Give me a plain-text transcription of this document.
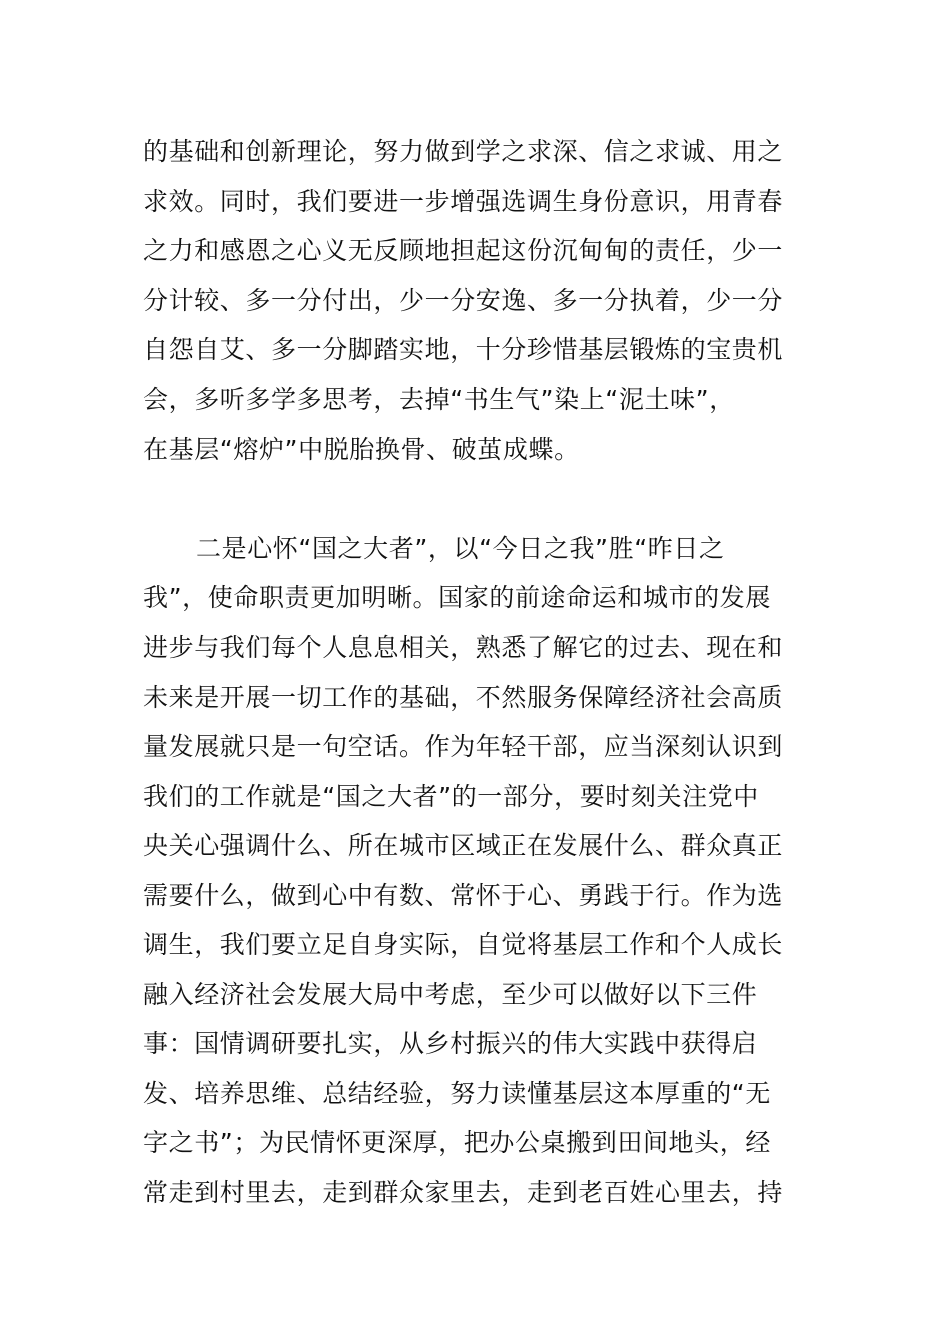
的基础和创新理论，努力做到学之求深、信之求诚、用之
求效。同时，我们要进一步增强选调生身份意识，用青春
之力和感恩之心义无反顾地担起这份沉甸甸的责任，少一
分计较、多一分付出，少一分安逸、多一分执着，少一分
自怨自艾、多一分脚踏实地，十分珍惜基层锻炼的宝贵机
会，多听多学多思考，去掉“书生气”染上“泥土味”，
在基层“熔炉”中脱胎换骨、破茧成蝶。
二是心怀“国之大者”，以“今日之我”胜“昨日之
我”，使命职责更加明晰。国家的前途命运和城市的发展
进步与我们每个人息息相关，熟悉了解它的过去、现在和
未来是开展一切工作的基础，不然服务保障经济社会高质
量发展就只是一句空话。作为年轻干部，应当深刻认识到
我们的工作就是“国之大者”的一部分，要时刻关注党中
央关心强调什么、所在城市区域正在发展什么、群众真正
需要什么，做到心中有数、常怀于心、勇践于行。作为选
调生，我们要立足自身实际，自觉将基层工作和个人成长
融入经济社会发展大局中考虑，至少可以做好以下三件
事：国情调研要扎实，从乡村振兴的伟大实践中获得启
发、培养思维、总结经验，努力读懂基层这本厚重的“无
字之书”；为民情怀更深厚，把办公桌搬到田间地头，经
常走到村里去，走到群众家里去，走到老百姓心里去，持
